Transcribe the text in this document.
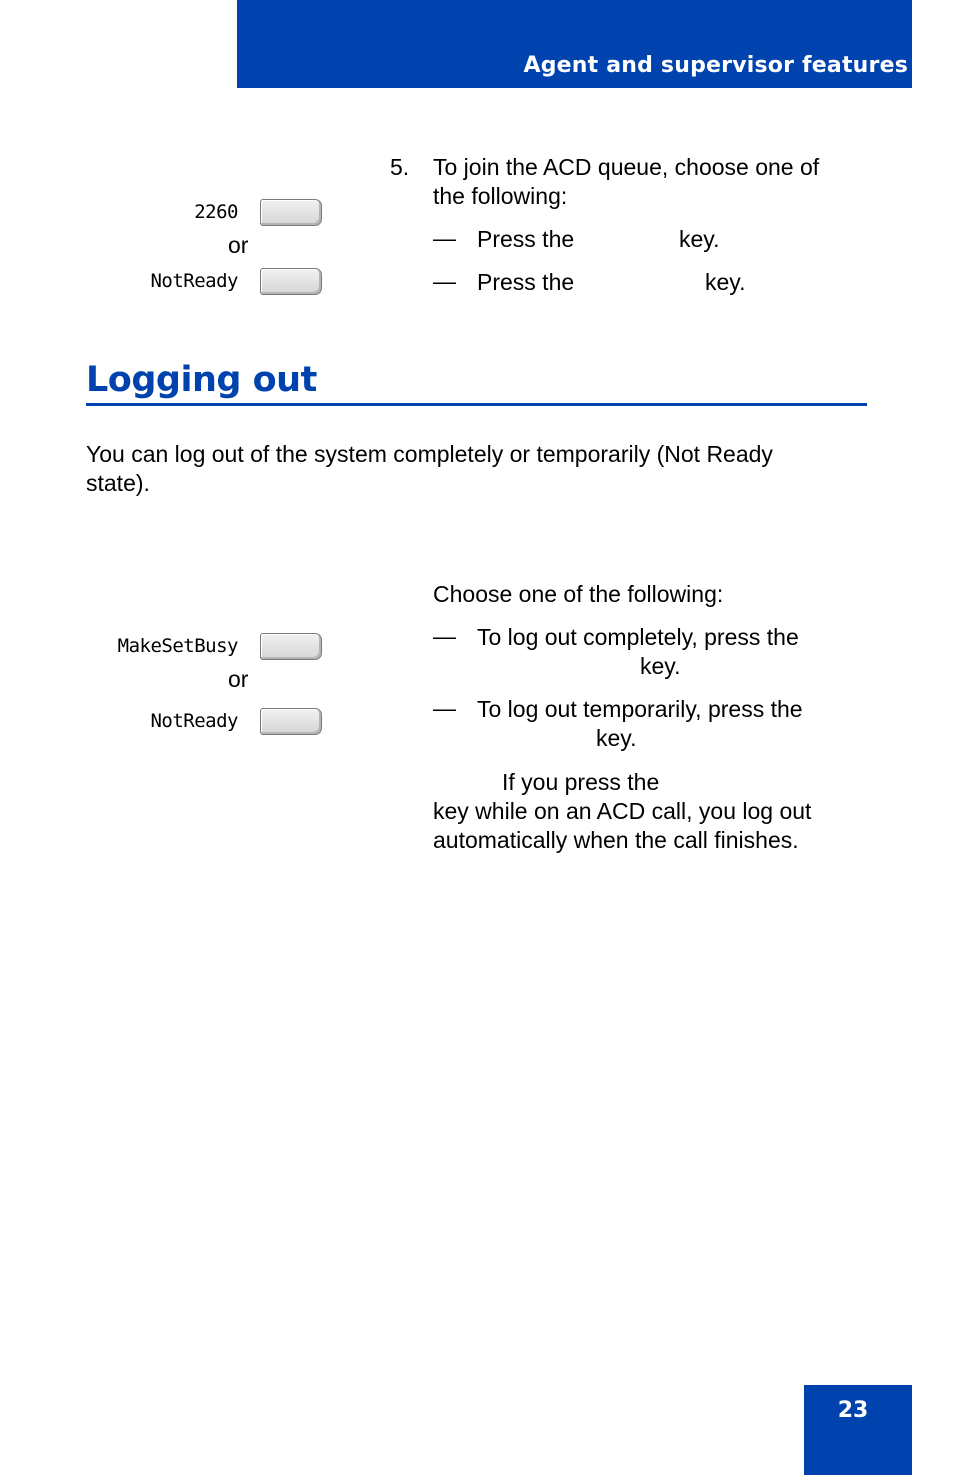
Agent and supervisor features
2260
or
NotReady
5. To join the ACD queue, choose one of the following:
— Press the	key.
— Press the	key.
Logging out
You can log out of the system completely or temporarily (Not Ready state).
MakeSetBusy
or
NotReady
Choose one of the following:
— To log out completely, press the
key.
— To log out temporarily, press the
key.
If you press the
key while on an ACD call, you log out
automatically when the call finishes.
23
